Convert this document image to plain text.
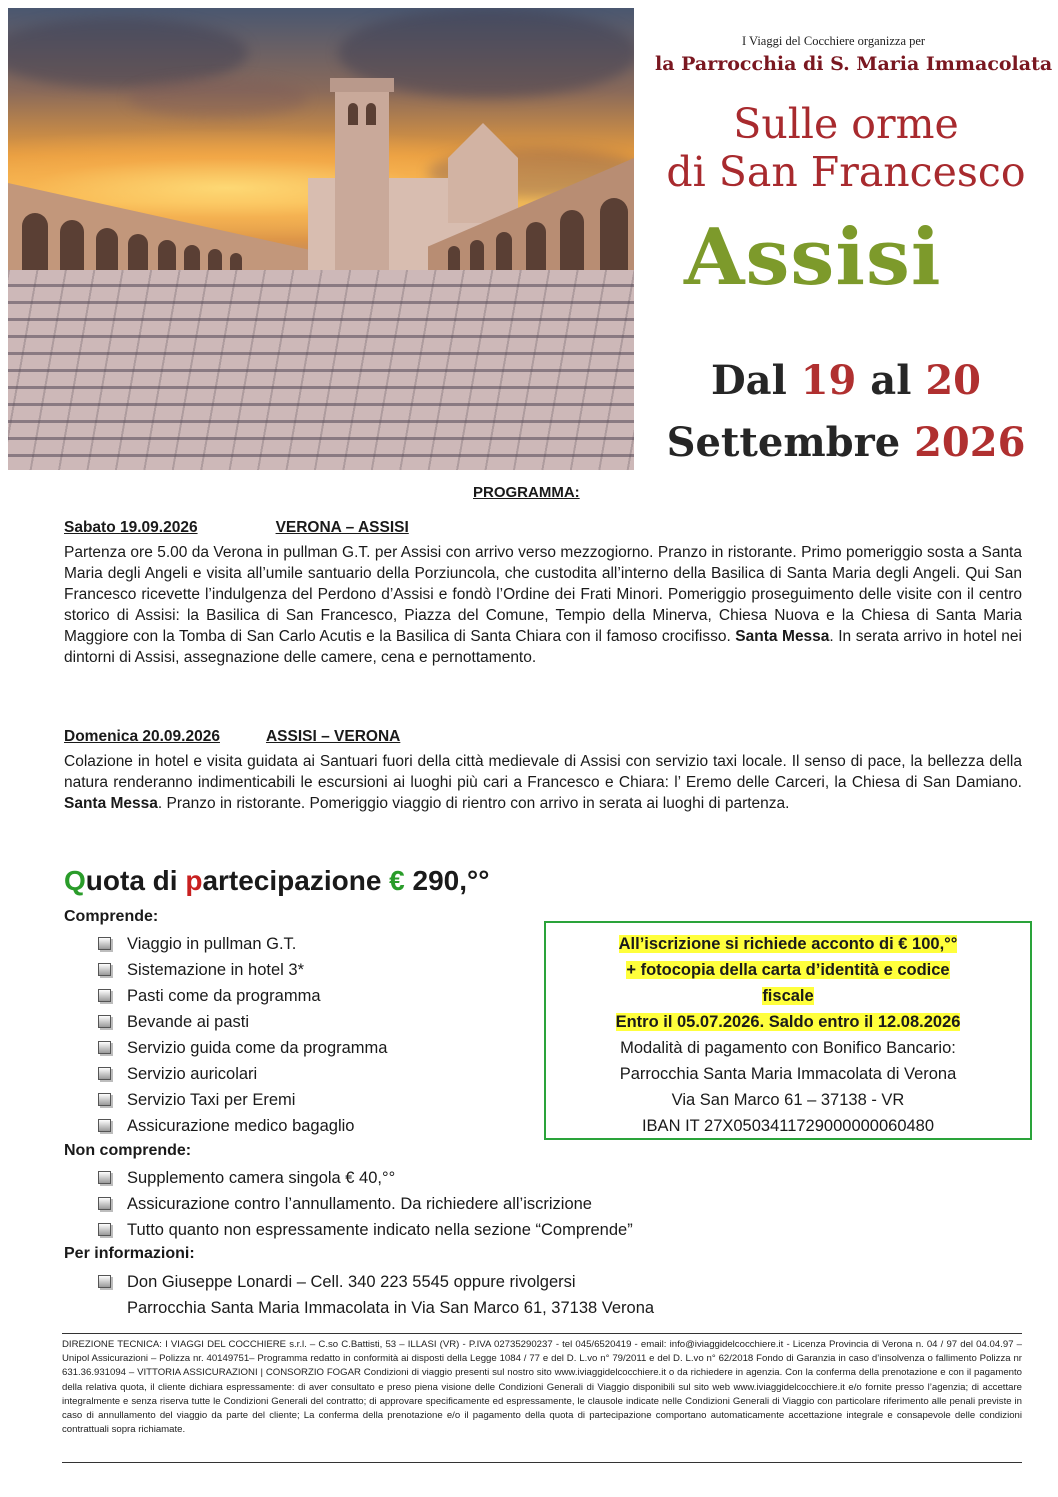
I Viaggi del Cocchiere organizza per
la Parrocchia di S. Maria Immacolata
Sulle orme
di San Francesco
Assisi
Dal 19 al 20
Settembre 2026
PROGRAMMA:
Sabato 19.09.2026	VERONA – ASSISI
Partenza ore 5.00 da Verona in pullman G.T. per Assisi con arrivo verso mezzogiorno. Pranzo in ristorante. Primo pomeriggio sosta a Santa Maria degli Angeli e visita all’umile santuario della Porziuncola, che custodita all’interno della Basilica di Santa Maria degli Angeli. Qui San Francesco ricevette l’indulgenza del Perdono d’Assisi e fondò l’Ordine dei Frati Minori. Pomeriggio proseguimento delle visite con il centro storico di Assisi: la Basilica di San Francesco, Piazza del Comune, Tempio della Minerva, Chiesa Nuova e la Chiesa di Santa Maria Maggiore con la Tomba di San Carlo Acutis e la Basilica di Santa Chiara con il famoso crocifisso. Santa Messa. In serata arrivo in hotel nei dintorni di Assisi, assegnazione delle camere, cena e pernottamento.
Domenica 20.09.2026	ASSISI – VERONA
Colazione in hotel e visita guidata ai Santuari fuori della città medievale di Assisi con servizio taxi locale. Il senso di pace, la bellezza della natura renderanno indimenticabili le escursioni ai luoghi più cari a Francesco e Chiara: l’ Eremo delle Carceri, la Chiesa di San Damiano. Santa Messa. Pranzo in ristorante. Pomeriggio viaggio di rientro con arrivo in serata ai luoghi di partenza.
Quota di partecipazione € 290,°°
Comprende:
Viaggio in pullman G.T.
Sistemazione in hotel 3*
Pasti come da programma
Bevande ai pasti
Servizio guida come da programma
Servizio auricolari
Servizio Taxi per Eremi
Assicurazione medico bagaglio
Non comprende:
Supplemento camera singola € 40,°°
Assicurazione contro l’annullamento. Da richiedere all’iscrizione
Tutto quanto non espressamente indicato nella sezione “Comprende”
Per informazioni:
Don Giuseppe Lonardi – Cell. 340 223 5545 oppure rivolgersi
Parrocchia Santa Maria Immacolata in Via San Marco 61, 37138 Verona
All’iscrizione si richiede acconto di € 100,°°
+ fotocopia della carta d’identità e codice
fiscale
Entro il 05.07.2026. Saldo entro il 12.08.2026
Modalità di pagamento con Bonifico Bancario:
Parrocchia Santa Maria Immacolata di Verona
Via San Marco 61 – 37138 - VR
IBAN IT 27X0503411729000000060480
DIREZIONE TECNICA: I VIAGGI DEL COCCHIERE s.r.l. – C.so C.Battisti, 53 – ILLASI (VR) - P.IVA 02735290237 - tel 045/6520419 - email: info@iviaggidelcocchiere.it - Licenza Provincia di Verona n. 04 / 97 del 04.04.97 – Unipol Assicurazioni – Polizza nr. 40149751– Programma redatto in conformità ai disposti della Legge 1084 / 77 e del D. L.vo n° 79/2011 e del D. L.vo n° 62/2018 Fondo di Garanzia in caso d’insolvenza o fallimento Polizza nr 631.36.931094 – VITTORIA ASSICURAZIONI | CONSORZIO FOGAR Condizioni di viaggio presenti sul nostro sito www.iviaggidelcocchiere.it o da richiedere in agenzia. Con la conferma della prenotazione e con il pagamento della relativa quota, il cliente dichiara espressamente: di aver consultato e preso piena visione delle Condizioni Generali di Viaggio disponibili sul sito web www.iviaggidelcocchiere.it e/o fornite presso l’agenzia; di accettare integralmente e senza riserva tutte le Condizioni Generali del contratto; di approvare specificamente ed espressamente, le clausole indicate nelle Condizioni Generali di Viaggio con particolare riferimento alle penali previste in caso di annullamento del viaggio da parte del cliente; La conferma della prenotazione e/o il pagamento della quota di partecipazione comportano automaticamente accettazione integrale e consapevole delle condizioni contrattuali sopra richiamate.
